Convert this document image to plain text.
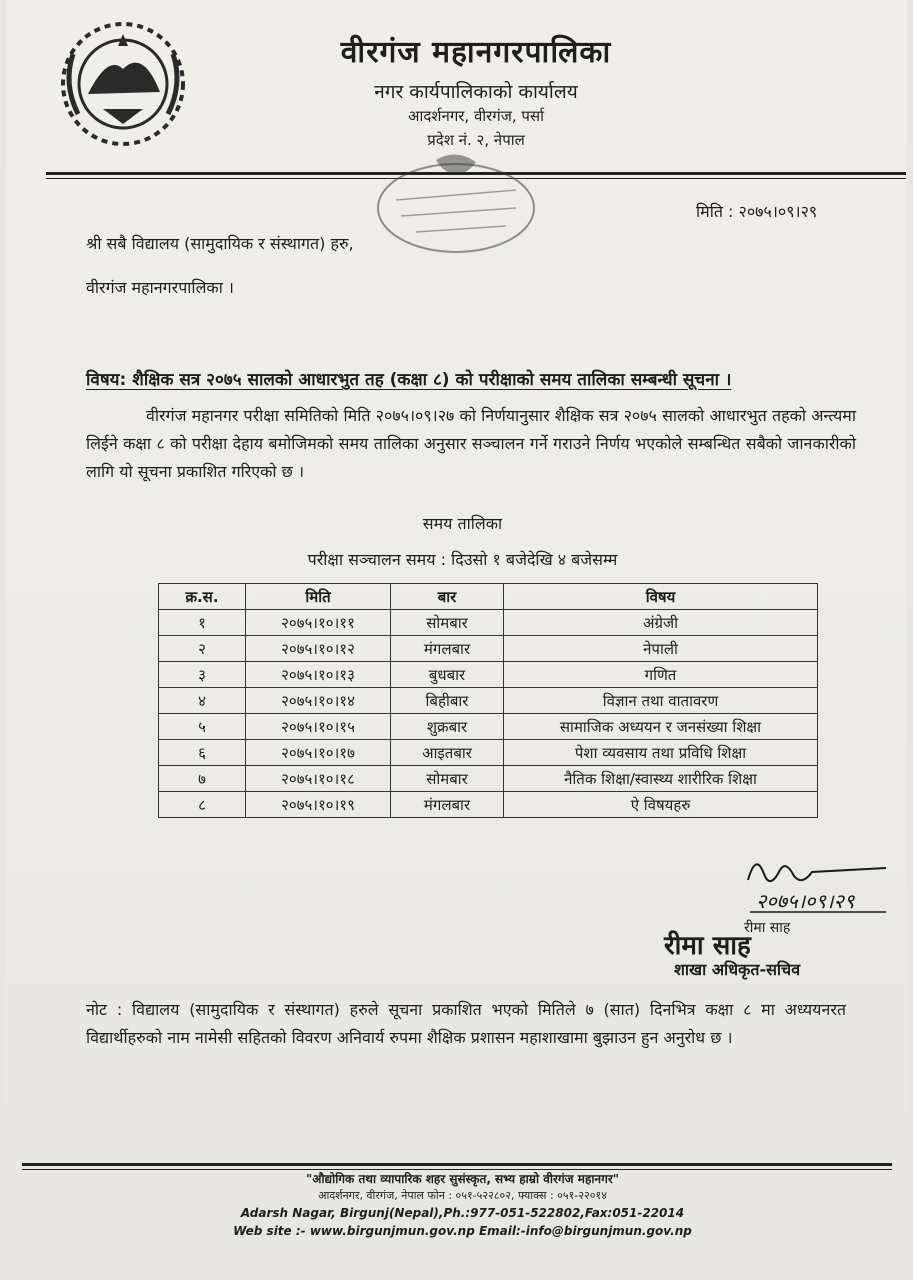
वीरगंज महानगरपालिका
नगर कार्यपालिकाको कार्यालय
आदर्शनगर, वीरगंज, पर्सा
प्रदेश नं. २, नेपाल
मिति : २०७५।०९।२९
श्री सबै विद्यालय (सामुदायिक र संस्थागत) हरु,
वीरगंज महानगरपालिका ।
विषय: शैक्षिक सत्र २०७५ सालको आधारभुत तह (कक्षा ८) को परीक्षाको समय तालिका सम्बन्धी सूचना ।
वीरगंज महानगर परीक्षा समितिको मिति २०७५।०९।२७ को निर्णयानुसार शैक्षिक सत्र २०७५ सालको आधारभुत तहको अन्त्यमा लिईने कक्षा ८ को परीक्षा देहाय बमोजिमको समय तालिका अनुसार सञ्चालन गर्ने गराउने निर्णय भएकोले सम्बन्धित सबैको जानकारीको लागि यो सूचना प्रकाशित गरिएको छ ।
समय तालिका
परीक्षा सञ्चालन समय : दिउसो १ बजेदेखि ४ बजेसम्म
क्र.स.	मिति	बार	विषय
१	२०७५।१०।११	सोमबार	अंग्रेजी
२	२०७५।१०।१२	मंगलबार	नेपाली
३	२०७५।१०।१३	बुधबार	गणित
४	२०७५।१०।१४	बिहीबार	विज्ञान तथा वातावरण
५	२०७५।१०।१५	शुक्रबार	सामाजिक अध्ययन र जनसंख्या शिक्षा
६	२०७५।१०।१७	आइतबार	पेशा व्यवसाय तथा प्रविधि शिक्षा
७	२०७५।१०।१८	सोमबार	नैतिक शिक्षा/स्वास्थ्य शारीरिक शिक्षा
८	२०७५।१०।१९	मंगलबार	ऐ विषयहरु
२०७५।०९।२९
रीमा साह
रीमा साह
शाखा अधिकृत-सचिव
नोट : विद्यालय (सामुदायिक र संस्थागत) हरुले सूचना प्रकाशित भएको मितिले ७ (सात) दिनभित्र कक्षा ८ मा अध्ययनरत विद्यार्थीहरुको नाम नामेसी सहितको विवरण अनिवार्य रुपमा शैक्षिक प्रशासन महाशाखामा बुझाउन हुन अनुरोध छ ।
"औद्योगिक तथा व्यापारिक शहर सुसंस्कृत, सभ्य हाम्रो वीरगंज महानगर"
आदर्शनगर, वीरगंज, नेपाल फोन : ०५१-५२२८०२, फ्याक्स : ०५१-२२०१४
Adarsh Nagar, Birgunj(Nepal),Ph.:977-051-522802,Fax:051-22014
Web site :- www.birgunjmun.gov.np Email:-info@birgunjmun.gov.np
